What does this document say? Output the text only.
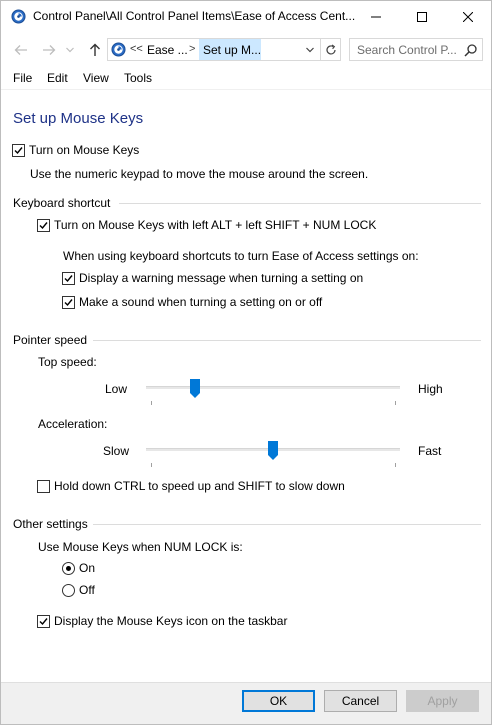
Control Panel\All Control Panel Items\Ease of Access Cent...
<< Ease ... > Set up M...	Search Control P...
File Edit View Tools
Set up Mouse Keys
Turn on Mouse Keys
Use the numeric keypad to move the mouse around the screen.
Keyboard shortcut
Turn on Mouse Keys with left ALT + left SHIFT + NUM LOCK
When using keyboard shortcuts to turn Ease of Access settings on:
Display a warning message when turning a setting on
Make a sound when turning a setting on or off
Pointer speed
Top speed:
Low	High
Acceleration:
Slow	Fast
Hold down CTRL to speed up and SHIFT to slow down
Other settings
Use Mouse Keys when NUM LOCK is:
On
Off
Display the Mouse Keys icon on the taskbar
OK	Cancel	Apply
